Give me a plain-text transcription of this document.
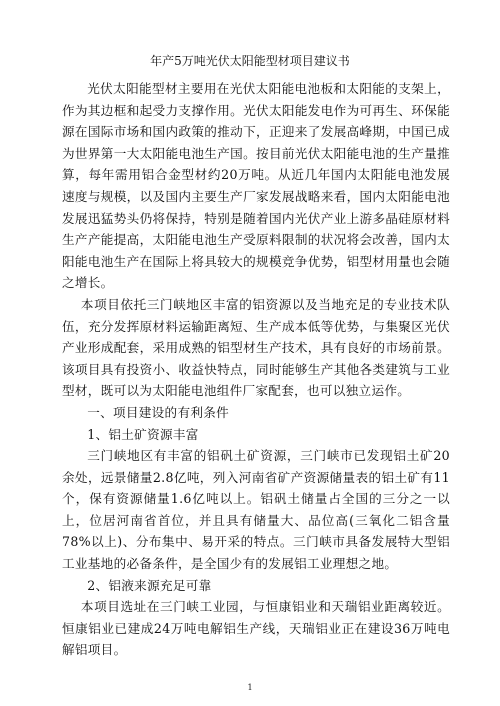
年产5万吨光伏太阳能型材项目建议书

光伏太阳能型材主要用在光伏太阳能电池板和太阳能的支架上，作为其边框和起受力支撑作用。光伏太阳能发电作为可再生、环保能源在国际市场和国内政策的推动下，正迎来了发展高峰期，中国已成为世界第一大太阳能电池生产国。按目前光伏太阳能电池的生产量推算，每年需用铝合金型材约20万吨。从近几年国内太阳能电池发展速度与规模，以及国内主要生产厂家发展战略来看，国内太阳能电池发展迅猛势头仍将保持，特别是随着国内光伏产业上游多晶硅原材料生产产能提高，太阳能电池生产受原料限制的状况将会改善，国内太阳能电池生产在国际上将具较大的规模竞争优势，铝型材用量也会随之增长。

本项目依托三门峡地区丰富的铝资源以及当地充足的专业技术队伍，充分发挥原材料运输距离短、生产成本低等优势，与集聚区光伏产业形成配套，采用成熟的铝型材生产技术，具有良好的市场前景。该项目具有投资小、收益快特点，同时能够生产其他各类建筑与工业型材，既可以为太阳能电池组件厂家配套，也可以独立运作。

一、项目建设的有利条件

1、铝土矿资源丰富

三门峡地区有丰富的铝矾土矿资源，三门峡市已发现铝土矿20余处，远景储量2.8亿吨，列入河南省矿产资源储量表的铝土矿有11个，保有资源储量1.6亿吨以上。铝矾土储量占全国的三分之一以上，位居河南省首位，并且具有储量大、品位高(三氧化二铝含量78%以上)、分布集中、易开采的特点。三门峡市具备发展特大型铝工业基地的必备条件，是全国少有的发展铝工业理想之地。

2、铝液来源充足可靠

本项目选址在三门峡工业园，与恒康铝业和天瑞铝业距离较近。恒康铝业已建成24万吨电解铝生产线，天瑞铝业正在建设36万吨电解铝项目。

1
